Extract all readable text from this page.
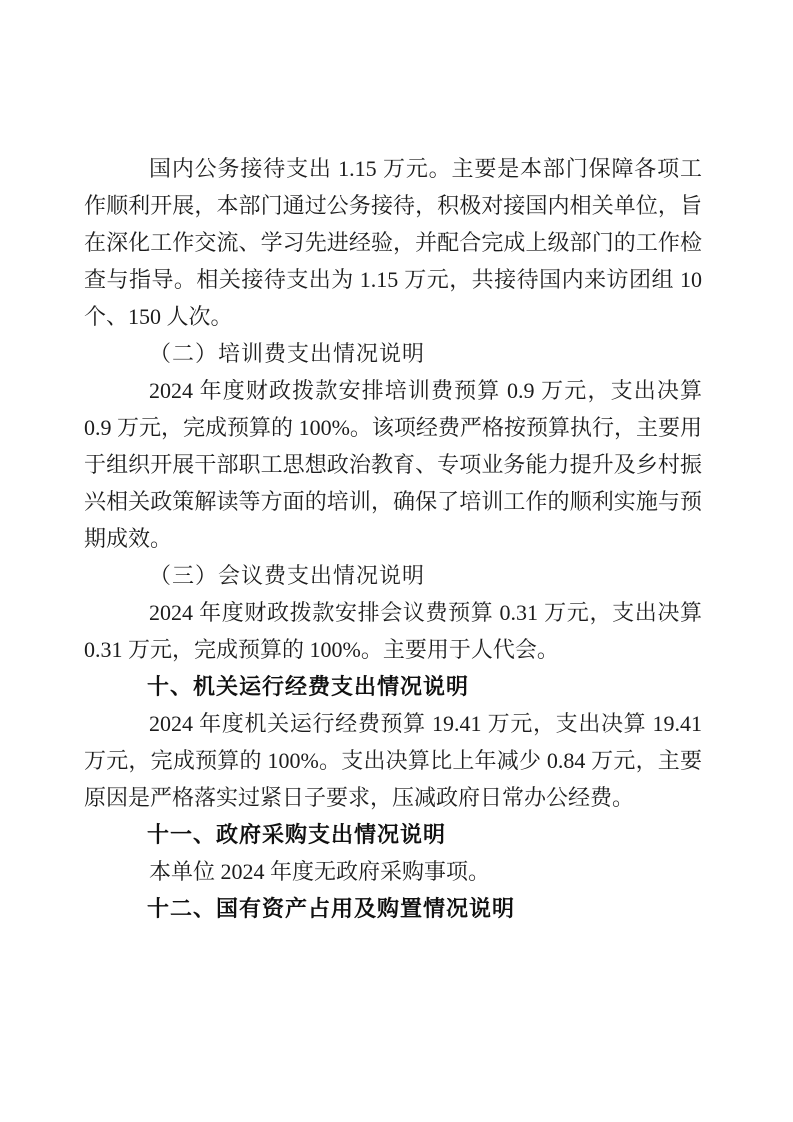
国内公务接待支出 1.15 万元。主要是本部门保障各项工作顺利开展，本部门通过公务接待，积极对接国内相关单位，旨在深化工作交流、学习先进经验，并配合完成上级部门的工作检查与指导。相关接待支出为 1.15 万元，共接待国内来访团组 10 个、150 人次。

（二）培训费支出情况说明

2024 年度财政拨款安排培训费预算 0.9 万元，支出决算 0.9 万元，完成预算的 100%。该项经费严格按预算执行，主要用于组织开展干部职工思想政治教育、专项业务能力提升及乡村振兴相关政策解读等方面的培训，确保了培训工作的顺利实施与预期成效。

（三）会议费支出情况说明

2024 年度财政拨款安排会议费预算 0.31 万元，支出决算 0.31 万元，完成预算的 100%。主要用于人代会。

十、机关运行经费支出情况说明

2024 年度机关运行经费预算 19.41 万元，支出决算 19.41 万元，完成预算的 100%。支出决算比上年减少 0.84 万元，主要原因是严格落实过紧日子要求，压减政府日常办公经费。

十一、政府采购支出情况说明

本单位 2024 年度无政府采购事项。

十二、国有资产占用及购置情况说明
